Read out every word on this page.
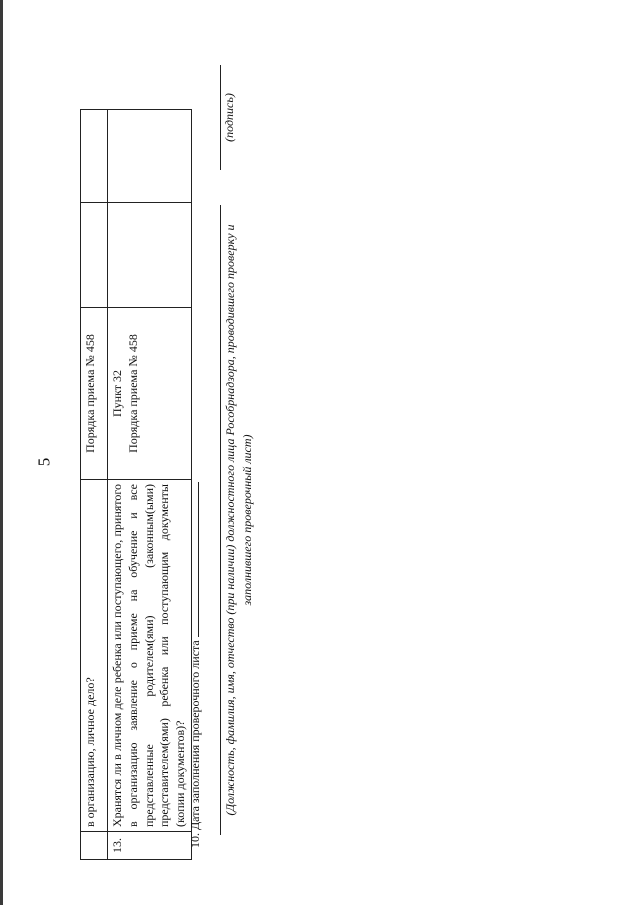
5
	в организацию, личное дело?	Порядка приема № 458		
13.	Хранятся ли в личном деле ребенка или поступающего, принятого в организацию заявление о приеме на обучение и все представленные родителем(ями) (законным(ыми) представителем(ями) ребенка или поступающим документы (копии документов)?	Пункт 32 Порядка приема № 458		

10. Дата заполнения проверочного листа (Должность, фамилия, имя, отчество (при наличии) должностного лица Рособрнадзора, проводившего проверку и заполнившего проверочный лист)
(подпись)
